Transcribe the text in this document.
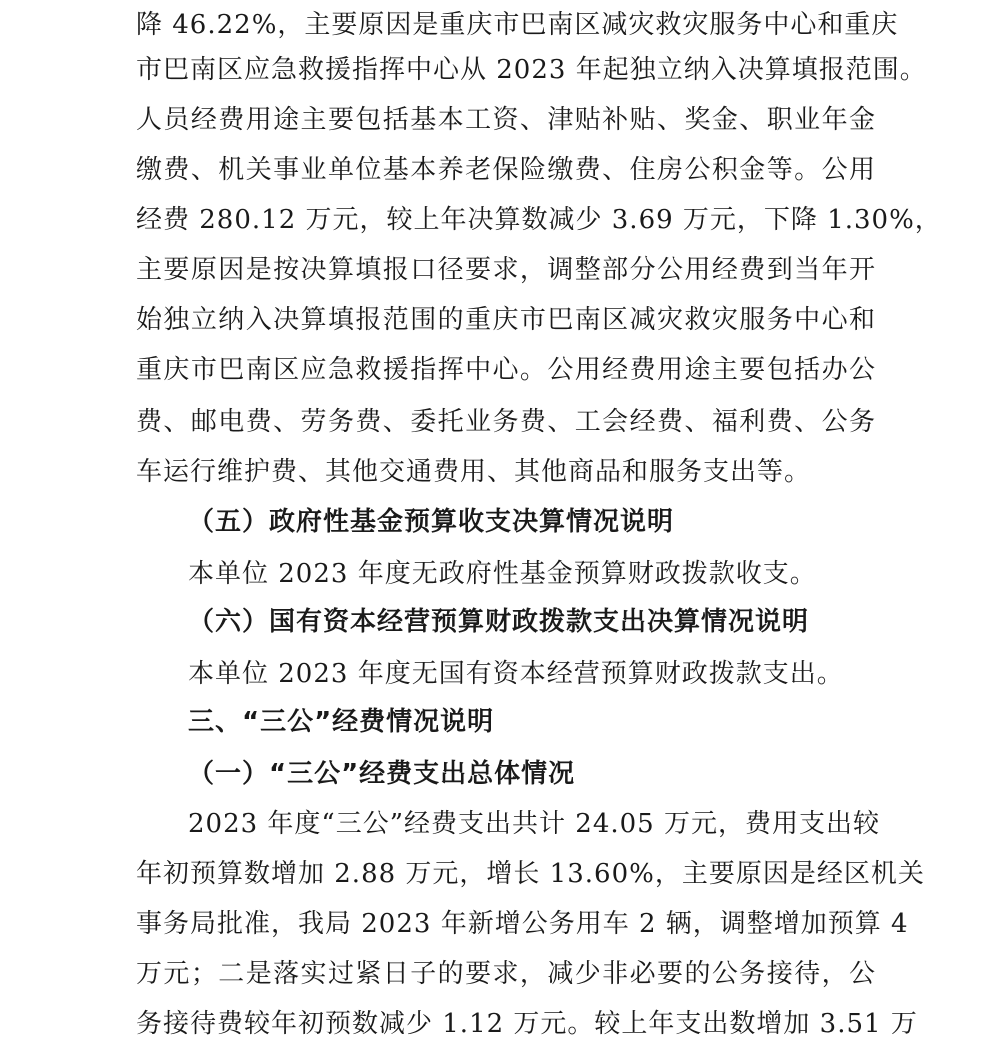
降 46.22%，主要原因是重庆市巴南区减灾救灾服务中心和重庆
市巴南区应急救援指挥中心从 2023 年起独立纳入决算填报范围。
人员经费用途主要包括基本工资、津贴补贴、奖金、职业年金
缴费、机关事业单位基本养老保险缴费、住房公积金等。公用
经费 280.12 万元，较上年决算数减少 3.69 万元，下降 1.30%，
主要原因是按决算填报口径要求，调整部分公用经费到当年开
始独立纳入决算填报范围的重庆市巴南区减灾救灾服务中心和
重庆市巴南区应急救援指挥中心。公用经费用途主要包括办公
费、邮电费、劳务费、委托业务费、工会经费、福利费、公务
车运行维护费、其他交通费用、其他商品和服务支出等。
（五）政府性基金预算收支决算情况说明
本单位 2023 年度无政府性基金预算财政拨款收支。
（六）国有资本经营预算财政拨款支出决算情况说明
本单位 2023 年度无国有资本经营预算财政拨款支出。
三、“三公”经费情况说明
（一）“三公”经费支出总体情况
2023 年度“三公”经费支出共计 24.05 万元，费用支出较
年初预算数增加 2.88 万元，增长 13.60%，主要原因是经区机关
事务局批准，我局 2023 年新增公务用车 2 辆，调整增加预算 4
万元；二是落实过紧日子的要求，减少非必要的公务接待，公
务接待费较年初预数减少 1.12 万元。较上年支出数增加 3.51 万
